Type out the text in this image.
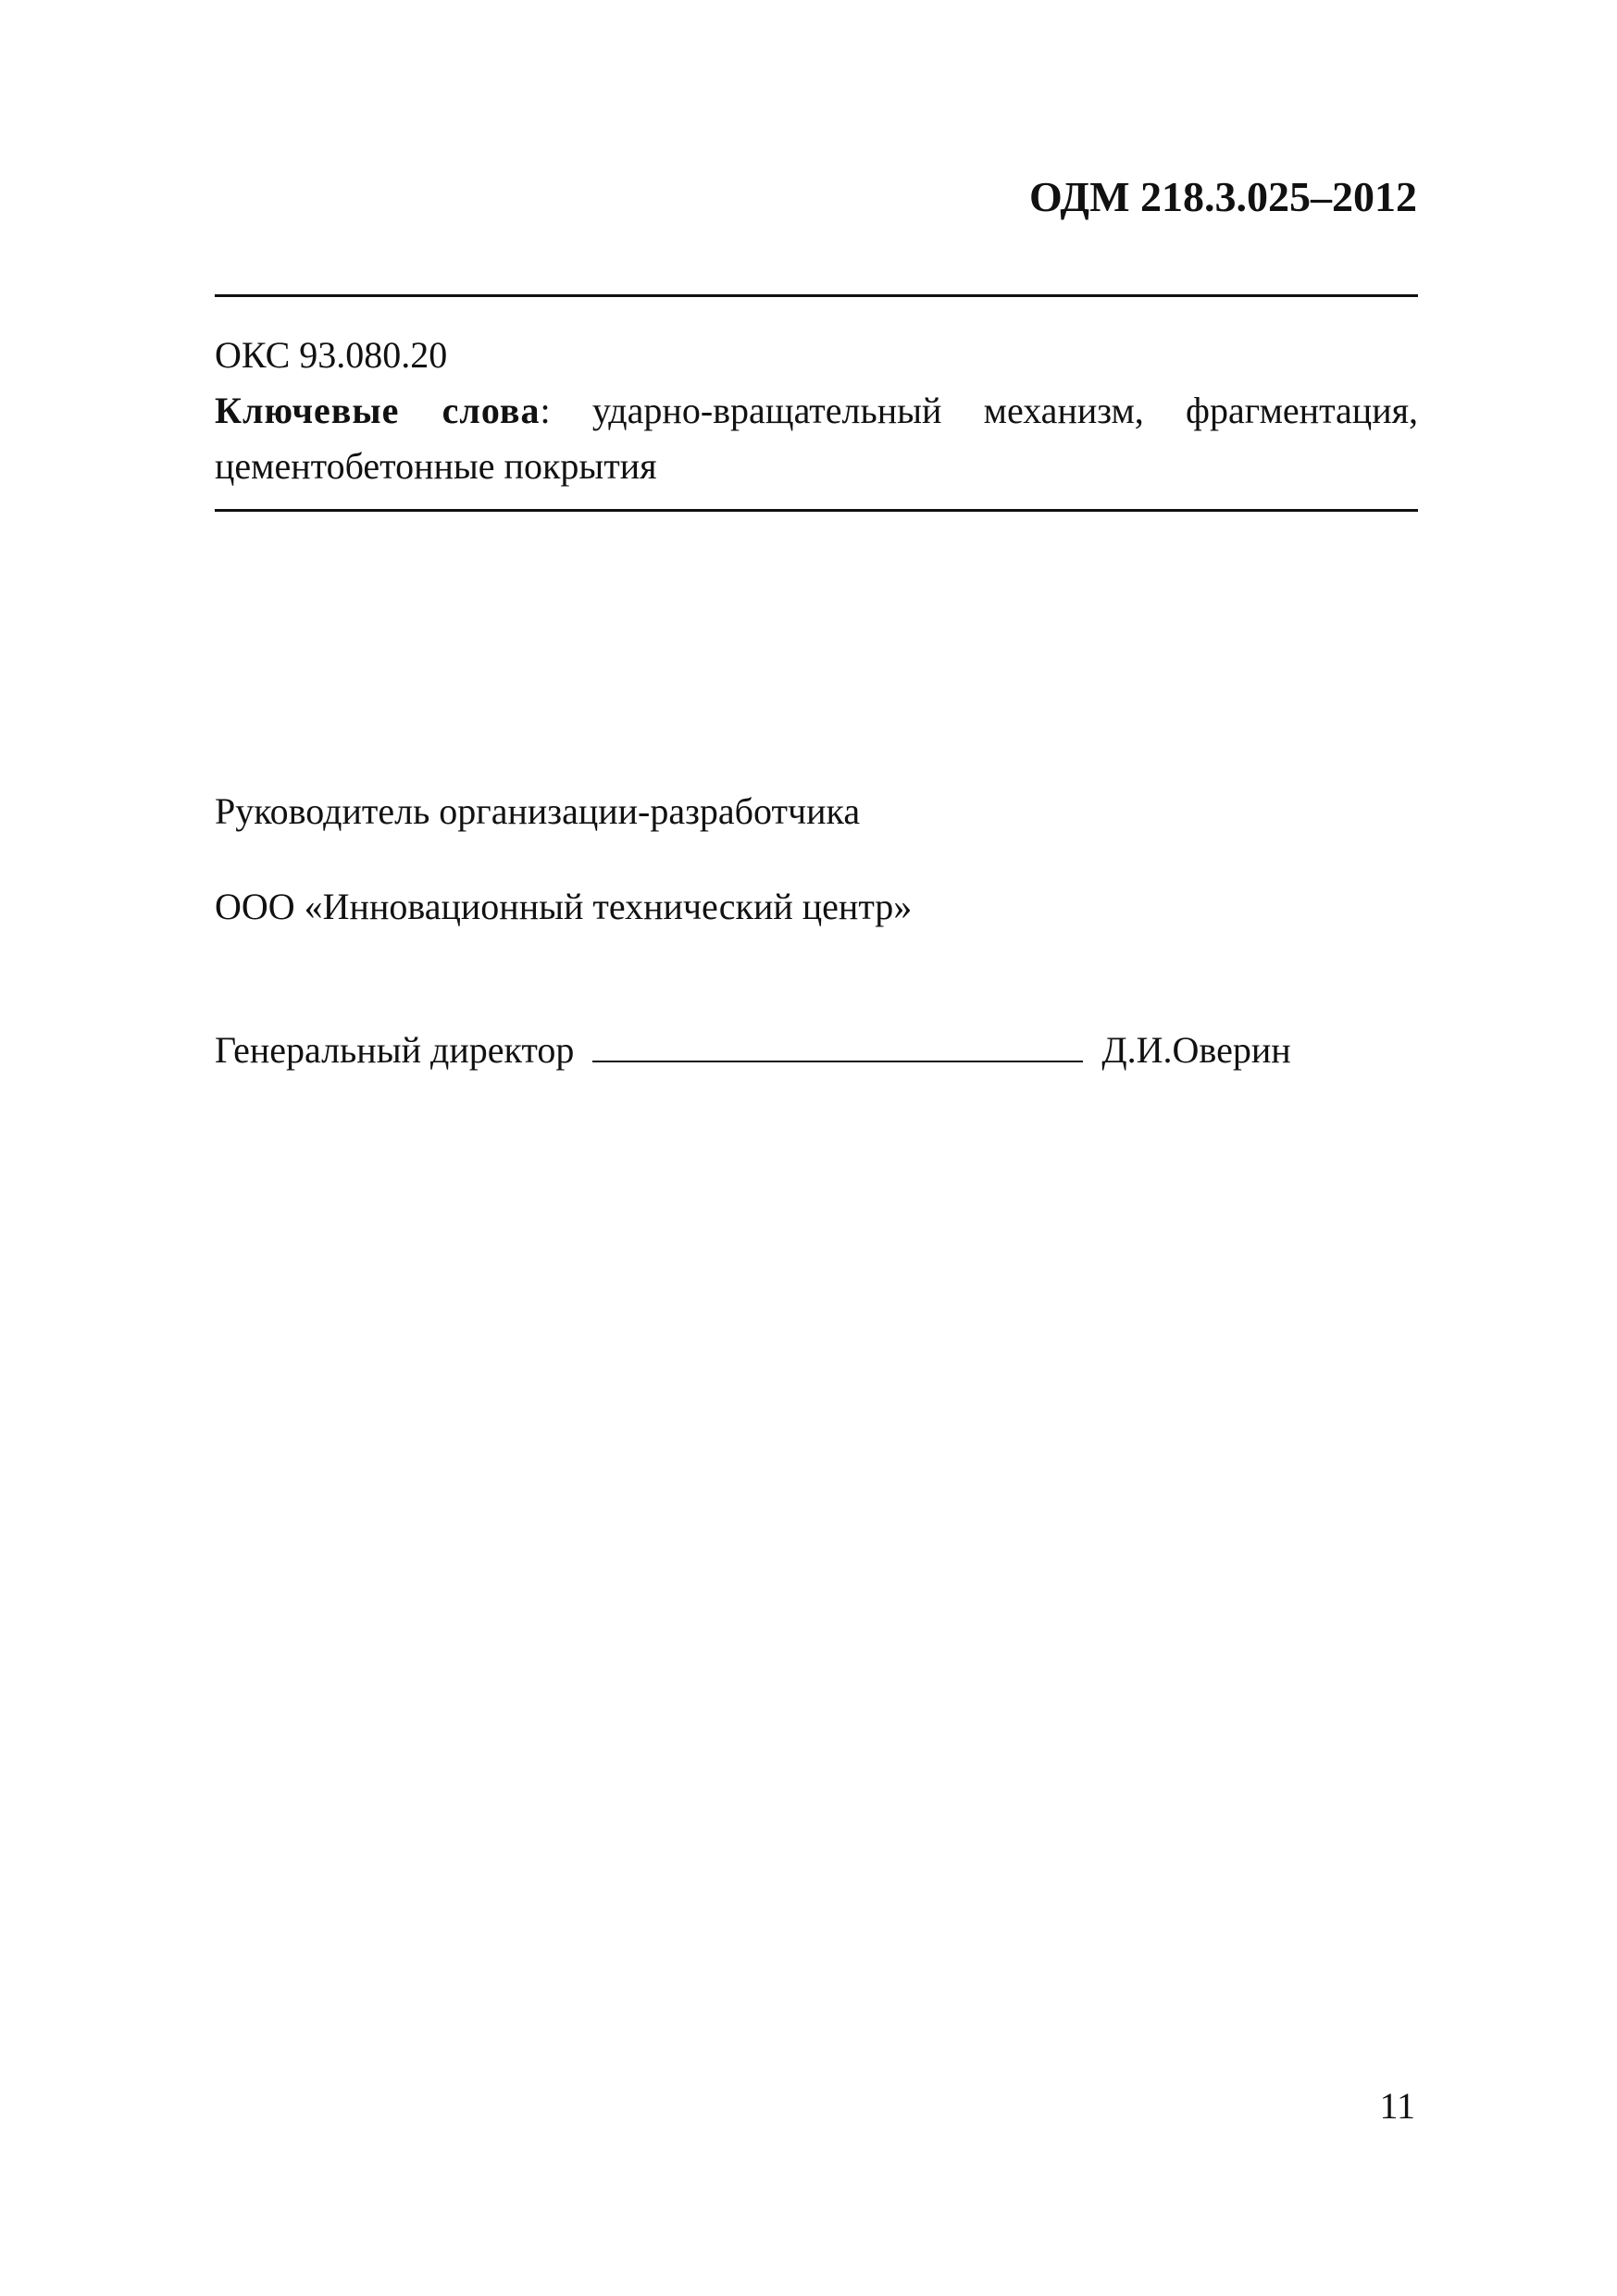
ОДМ 218.3.025–2012
ОКС 93.080.20
Ключевые слова: ударно-вращательный механизм, фрагментация, цементобетонные покрытия
Руководитель организации-разработчика
ООО «Инновационный технический центр»
Генеральный директор	Д.И.Оверин
11
